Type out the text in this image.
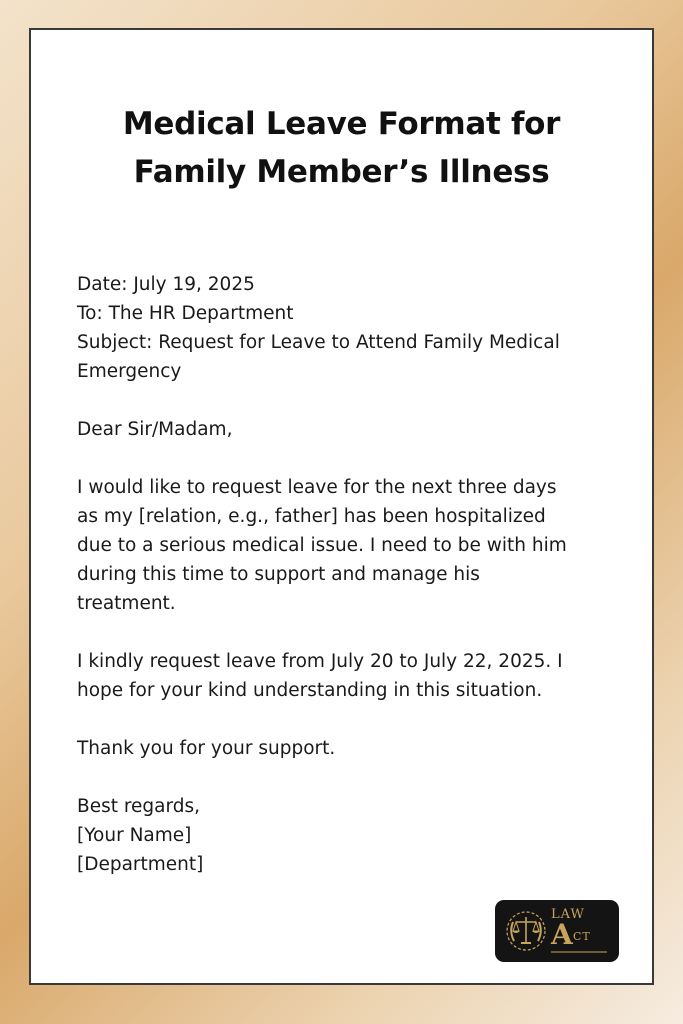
Medical Leave Format for
Family Member’s Illness
Date: July 19, 2025
To: The HR Department
Subject: Request for Leave to Attend Family Medical
Emergency
Dear Sir/Madam,
I would like to request leave for the next three days
as my [relation, e.g., father] has been hospitalized
due to a serious medical issue. I need to be with him
during this time to support and manage his
treatment.
I kindly request leave from July 20 to July 22, 2025. I
hope for your kind understanding in this situation.
Thank you for your support.
Best regards,
[Your Name]
[Department]
LAW
A CT
